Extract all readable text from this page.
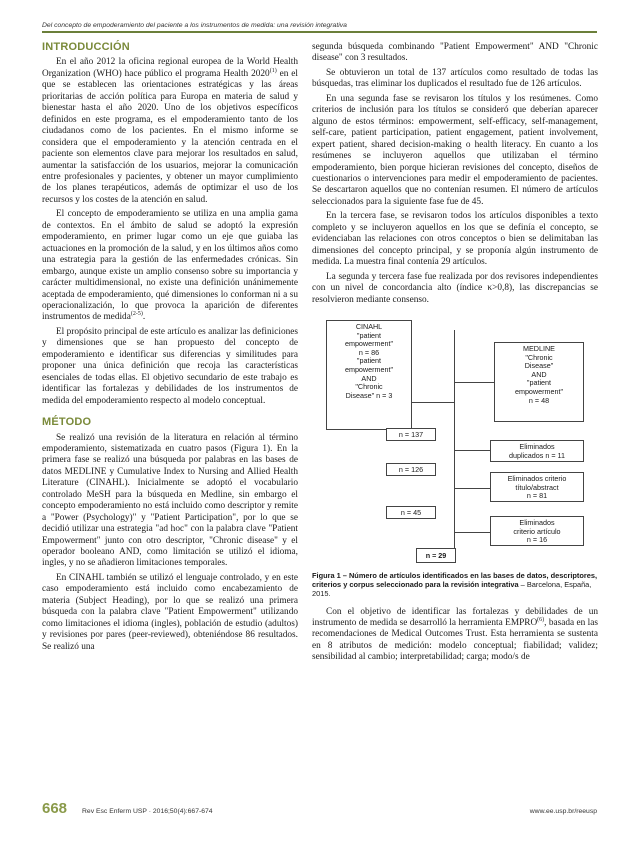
Del concepto de empoderamiento del paciente a los instrumentos de medida: una revisión integrativa
INTRODUCCIÓN

En el año 2012 la oficina regional europea de la World Health Organization (WHO) hace público el programa Health 2020$^{(1)}$ en el que se establecen las orientaciones estratégicas y las áreas prioritarias de acción política para Europa en materia de salud y bienestar hasta el año 2020. Uno de los objetivos específicos definidos en este programa, es el empoderamiento tanto de los ciudadanos como de los pacientes. En el mismo informe se considera que el empoderamiento y la atención centrada en el paciente son elementos clave para mejorar los resultados en salud, aumentar la satisfacción de los usuarios, mejorar la comunicación entre profesionales y pacientes, y obtener un mayor cumplimiento de los planes terapéuticos, además de optimizar el uso de los recursos y los costes de la atención en salud.

El concepto de empoderamiento se utiliza en una amplia gama de contextos. En el ámbito de salud se adoptó la expresión empoderamiento, en primer lugar como un eje que guiaba las actuaciones en la promoción de la salud, y en los últimos años como una estrategia para la gestión de las enfermedades crónicas. Sin embargo, aunque existe un amplio consenso sobre su importancia y carácter multidimensional, no existe una definición unánimemente aceptada de empoderamiento, qué dimensiones lo conforman ni a su operacionalización, lo que provoca la aparición de diferentes instrumentos de medida$^{(2-5)}$.

El propósito principal de este artículo es analizar las definiciones y dimensiones que se han propuesto del concepto de empoderamiento e identificar sus diferencias y similitudes para proponer una única definición que recoja las características esenciales de todas ellas. El objetivo secundario de este trabajo es identificar las fortalezas y debilidades de los instrumentos de medida del empoderamiento respecto al modelo conceptual.

MÉTODO

Se realizó una revisión de la literatura en relación al término empoderamiento, sistematizada en cuatro pasos (Figura 1). En la primera fase se realizó una búsqueda por palabras en las bases de datos MEDLINE y Cumulative Index to Nursing and Allied Health Literature (CINAHL). Inicialmente se adoptó el vocabulario controlado MeSH para la búsqueda en Medline, sin embargo el concepto empoderamiento no está incluido como descriptor y remite a "Power (Psychology)" y "Patient Participation", por lo que se decidió utilizar una estrategia "ad hoc" con la palabra clave "Patient Empowerment" junto con otro descriptor, "Chronic disease" y el operador booleano AND, como limitación se utilizó el idioma, ingles, y no se añadieron limitaciones temporales.

En CINAHL también se utilizó el lenguaje controlado, y en este caso empoderamiento está incluido como encabezamiento de materia (Subject Heading), por lo que se realizó una primera búsqueda con la palabra clave "Patient Empowerment" utilizando como limitaciones el idioma (ingles), población de estudio (adultos) y revisiones por pares (peer-reviewed), obteniéndose 86 resultados. Se realizó una

segunda búsqueda combinando "Patient Empowerment" AND "Chronic disease" con 3 resultados.

Se obtuvieron un total de 137 artículos como resultado de todas las búsquedas, tras eliminar los duplicados el resultado fue de 126 artículos.

En una segunda fase se revisaron los títulos y los resúmenes. Como criterios de inclusión para los títulos se consideró que deberían aparecer alguno de estos términos: empowerment, self-efficacy, self-management, self-care, patient participation, patient engagement, patient involvement, expert patient, shared decision-making o health literacy. En cuanto a los resúmenes se incluyeron aquellos que utilizaban el término empoderamiento, bien porque hicieran revisiones del concepto, diseños de cuestionarios o intervenciones para medir el empoderamiento de pacientes. Se descartaron aquellos que no contenían resumen. El número de artículos seleccionados para la siguiente fase fue de 45.

En la tercera fase, se revisaron todos los artículos disponibles a texto completo y se incluyeron aquellos en los que se definía el concepto, se evidenciaban las relaciones con otros conceptos o bien se delimitaban las dimensiones del concepto principal, y se proponía algún instrumento de medida. La muestra final contenía 29 artículos.

La segunda y tercera fase fue realizada por dos revisores independientes con un nivel de concordancia alto (índice κ>0,8), las discrepancias se resolvieron mediante consenso.

CINAHL
"patient
empowerment"
n = 86
"patient
empowerment"
AND
"Chronic
Disease" n = 3
MEDLINE
"Chronic
Disease"
AND
"patient
empowerment"
n = 48
n = 137
n = 126
n = 45
n = 29
Eliminados
duplicados n = 11
Eliminados criterio
título/abstract
n = 81
Eliminados
criterio artículo
n = 16
Figura 1 – Número de artículos identificados en las bases de datos, descriptores, criterios y corpus seleccionado para la revisión integrativa – Barcelona, España, 2015.

Con el objetivo de identificar las fortalezas y debilidades de un instrumento de medida se desarrolló la herramienta EMPRO$^{(6)}$, basada en las recomendaciones de Medical Outcomes Trust. Esta herramienta se sustenta en 8 atributos de medición: modelo conceptual; fiabilidad; validez; sensibilidad al cambio; interpretabilidad; carga; modo/s de

668 Rev Esc Enferm USP · 2016;50(4):667-674	www.ee.usp.br/reeusp
